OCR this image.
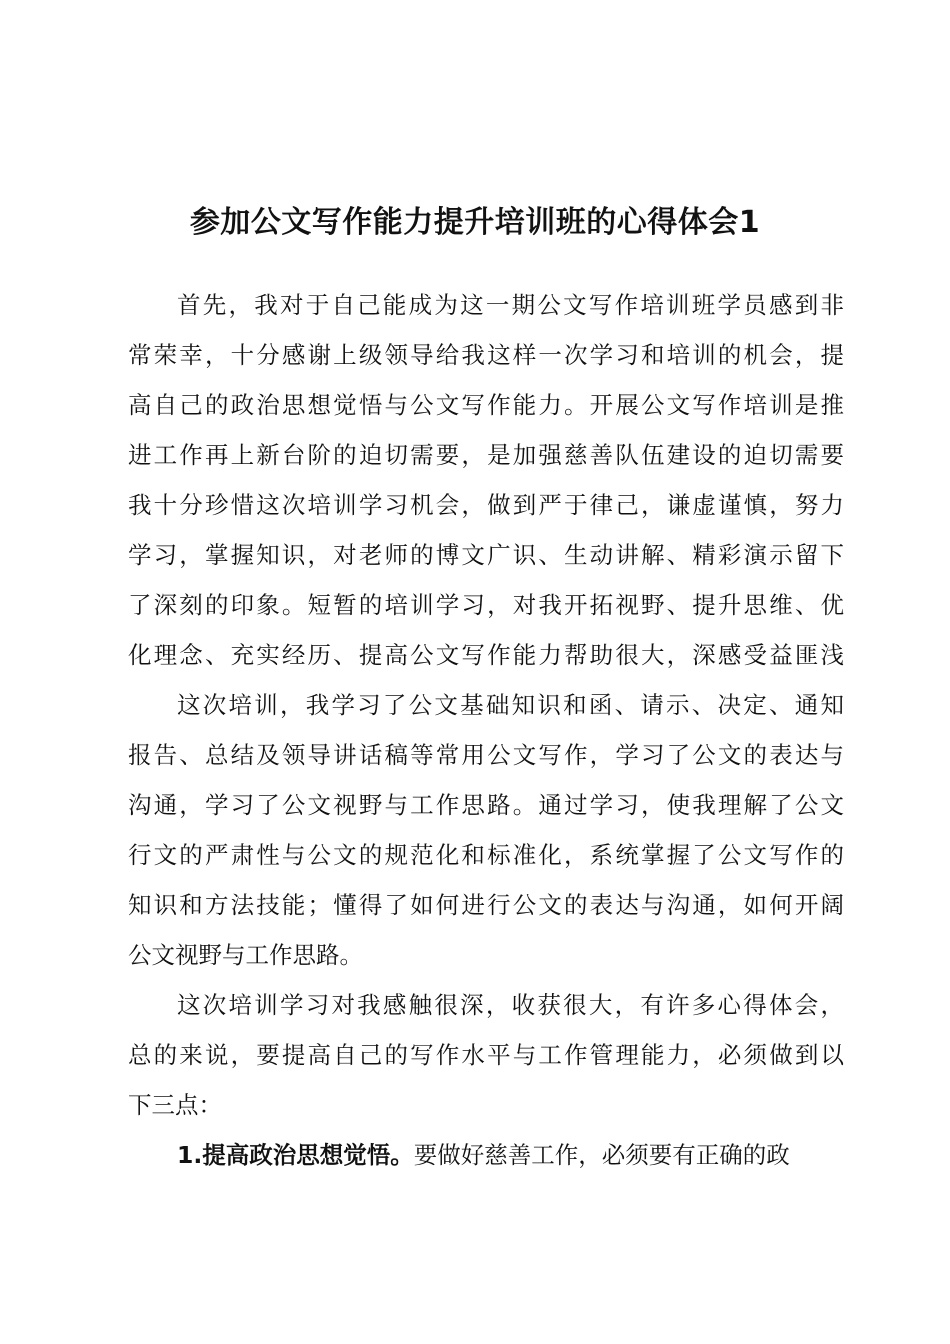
参加公文写作能力提升培训班的心得体会1
首先，我对于自己能成为这一期公文写作培训班学员感到非
常荣幸，十分感谢上级领导给我这样一次学习和培训的机会，提
高自己的政治思想觉悟与公文写作能力。开展公文写作培训是推
进工作再上新台阶的迫切需要，是加强慈善队伍建设的迫切需要
我十分珍惜这次培训学习机会，做到严于律己，谦虚谨慎，努力
学习，掌握知识，对老师的博文广识、生动讲解、精彩演示留下
了深刻的印象。短暂的培训学习，对我开拓视野、提升思维、优
化理念、充实经历、提高公文写作能力帮助很大，深感受益匪浅
这次培训，我学习了公文基础知识和函、请示、决定、通知
报告、总结及领导讲话稿等常用公文写作，学习了公文的表达与
沟通，学习了公文视野与工作思路。通过学习，使我理解了公文
行文的严肃性与公文的规范化和标准化，系统掌握了公文写作的
知识和方法技能；懂得了如何进行公文的表达与沟通，如何开阔
公文视野与工作思路。
这次培训学习对我感触很深，收获很大，有许多心得体会，
总的来说，要提高自己的写作水平与工作管理能力，必须做到以
下三点：
1.提高政治思想觉悟。要做好慈善工作，必须要有正确的政
